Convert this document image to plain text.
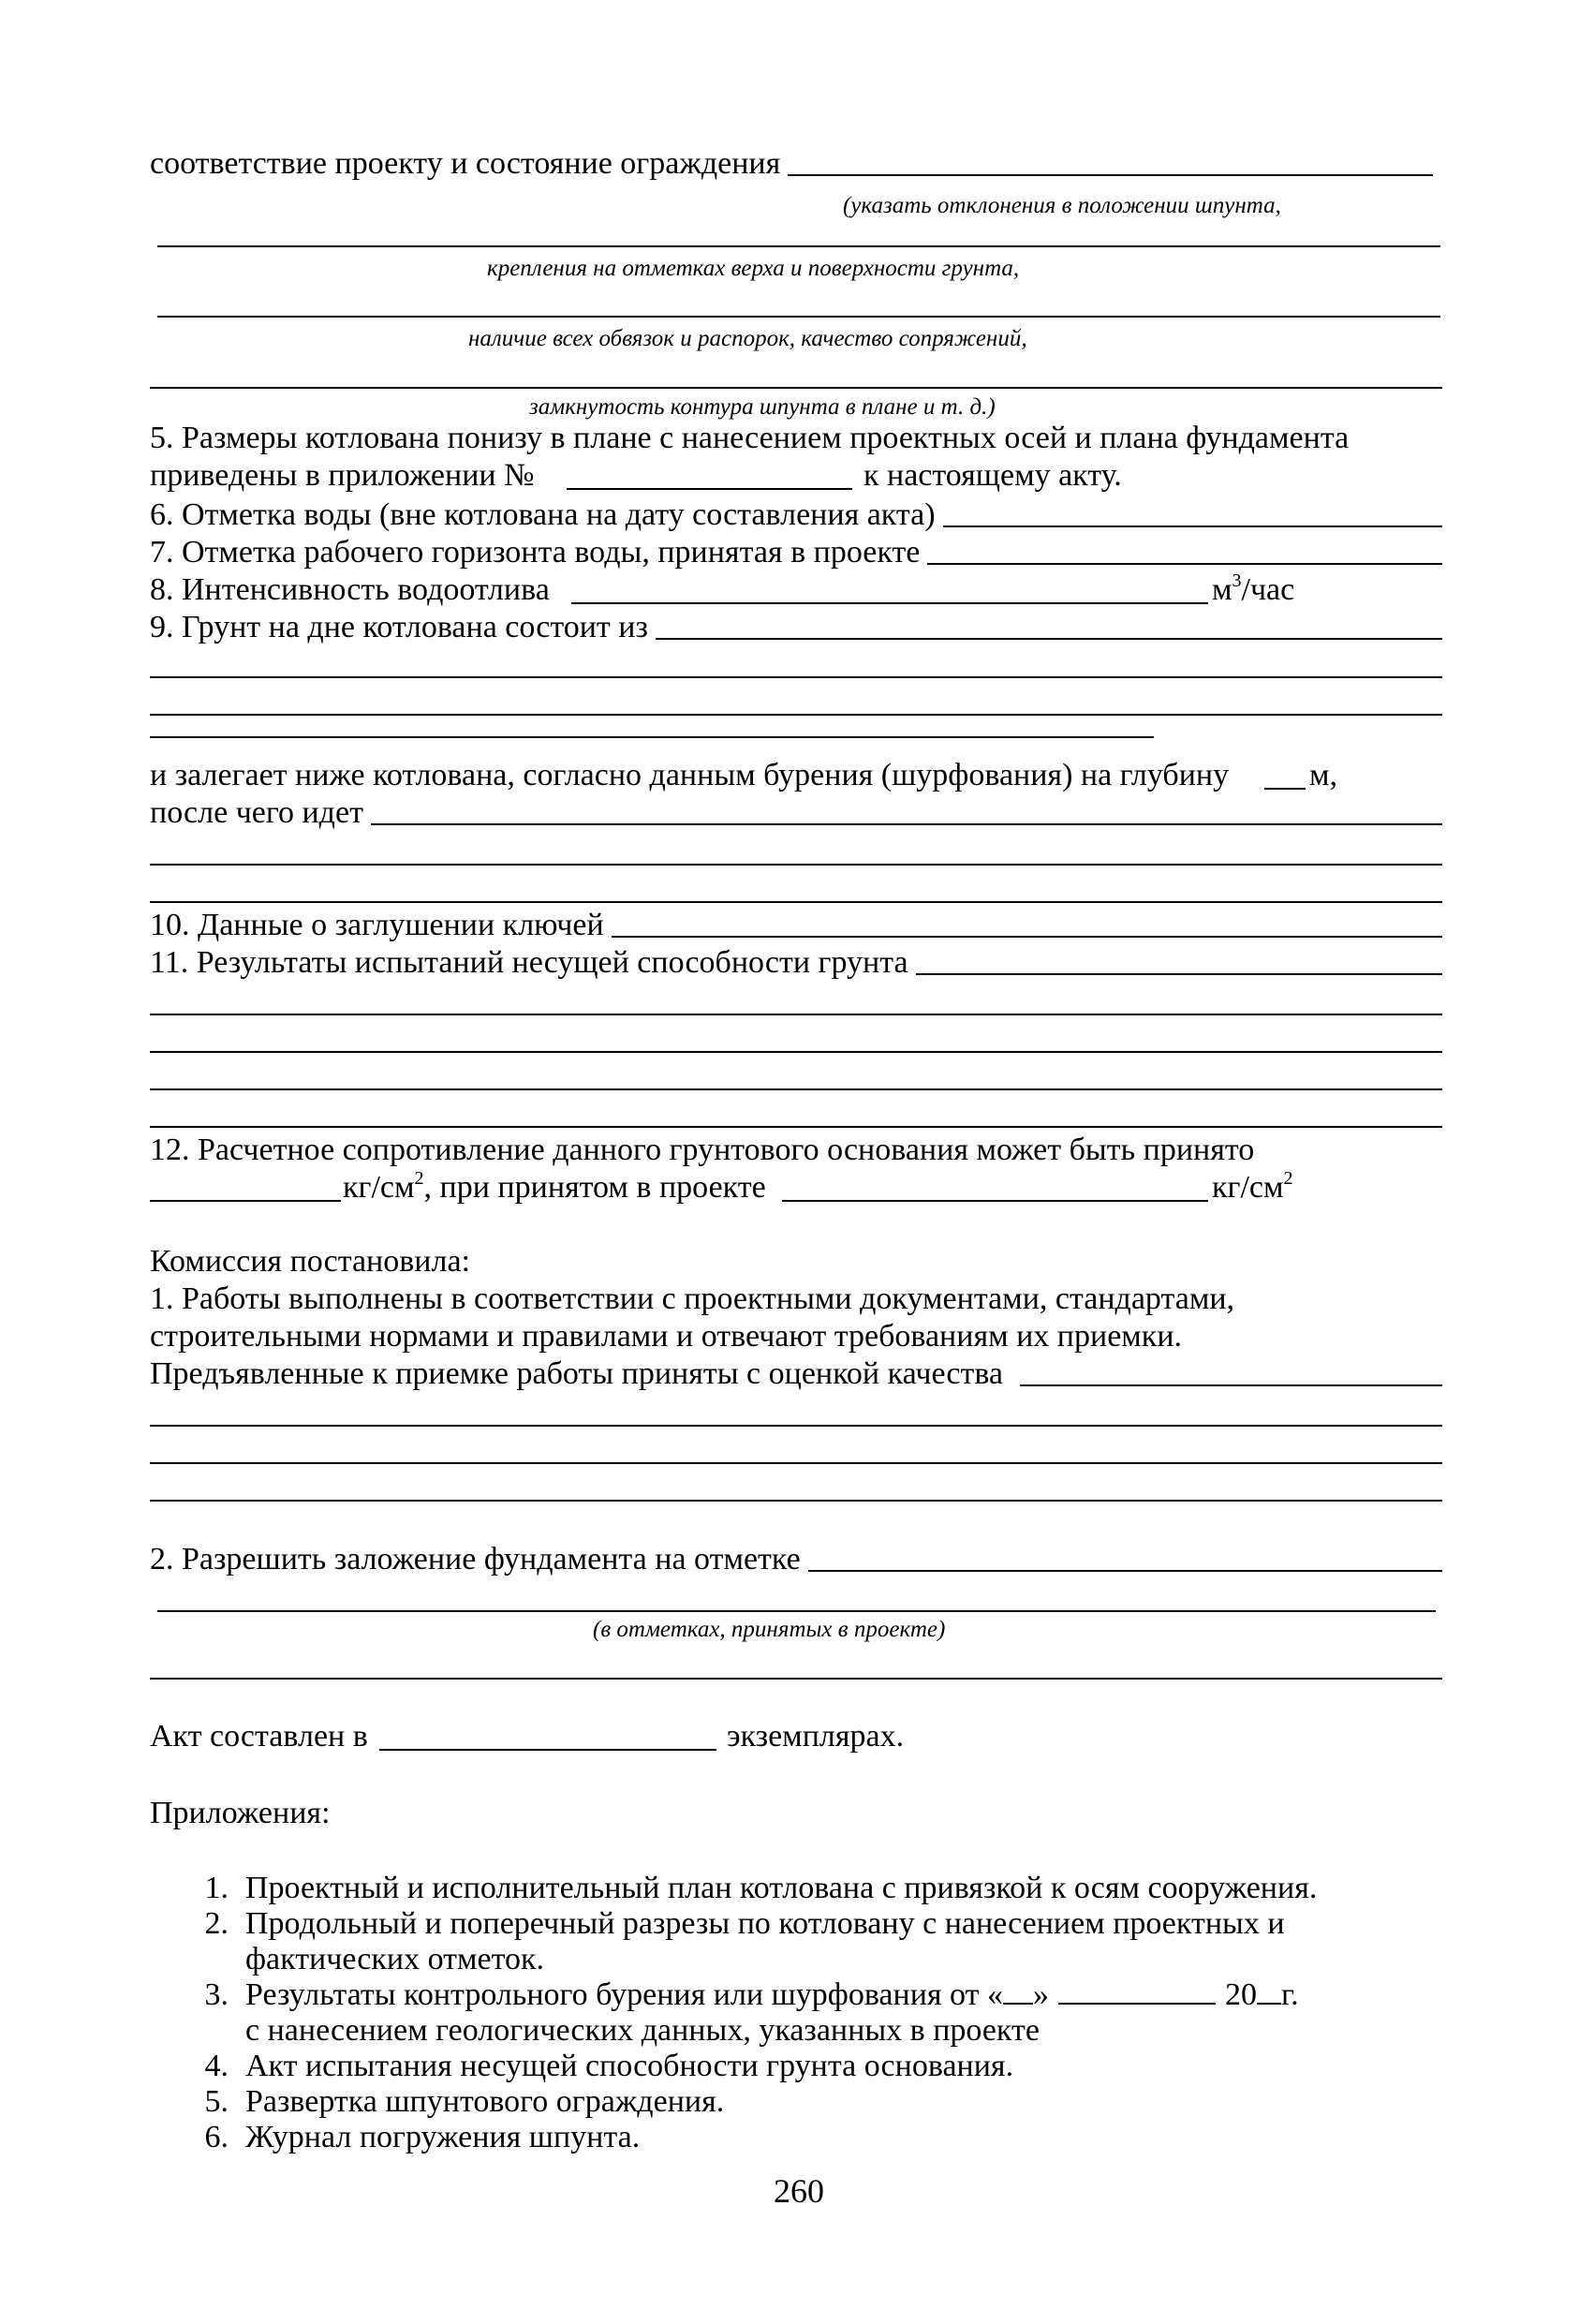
соответствие проекту и состояние ограждения
(указать отклонения в положении шпунта,
крепления на отметках верха и поверхности грунта,
наличие всех обвязок и распорок, качество сопряжений,
замкнутость контура шпунта в плане и т. д.)
5. Размеры котлована понизу в плане с нанесением проектных осей и плана фундамента
приведены в приложении №	к настоящему акту.
6. Отметка воды (вне котлована на дату составления акта)
7. Отметка рабочего горизонта воды, принятая в проекте
8. Интенсивность водоотлива	$м^3$/час
9. Грунт на дне котлована состоит из
и залегает ниже котлована, согласно данным бурения (шурфования) на глубину	м,
после чего идет
10. Данные о заглушении ключей
11. Результаты испытаний несущей способности грунта
12. Расчетное сопротивление данного грунтового основания может быть принято
$кг/см^2$, при принятом в проекте	$кг/см^2$
Комиссия постановила:
1. Работы выполнены в соответствии с проектными документами, стандартами,
строительными нормами и правилами и отвечают требованиям их приемки.
Предъявленные к приемке работы приняты с оценкой качества
2. Разрешить заложение фундамента на отметке
(в отметках, принятых в проекте)
Акт составлен в	экземплярах.
Приложения:
1. Проектный и исполнительный план котлована с привязкой к осям сооружения.
2. Продольный и поперечный разрезы по котловану с нанесением проектных и
фактических отметок.
3. Результаты контрольного бурения или шурфования от « »	20 г.
с нанесением геологических данных, указанных в проекте
4. Акт испытания несущей способности грунта основания.
5. Развертка шпунтового ограждения.
6. Журнал погружения шпунта.
260
